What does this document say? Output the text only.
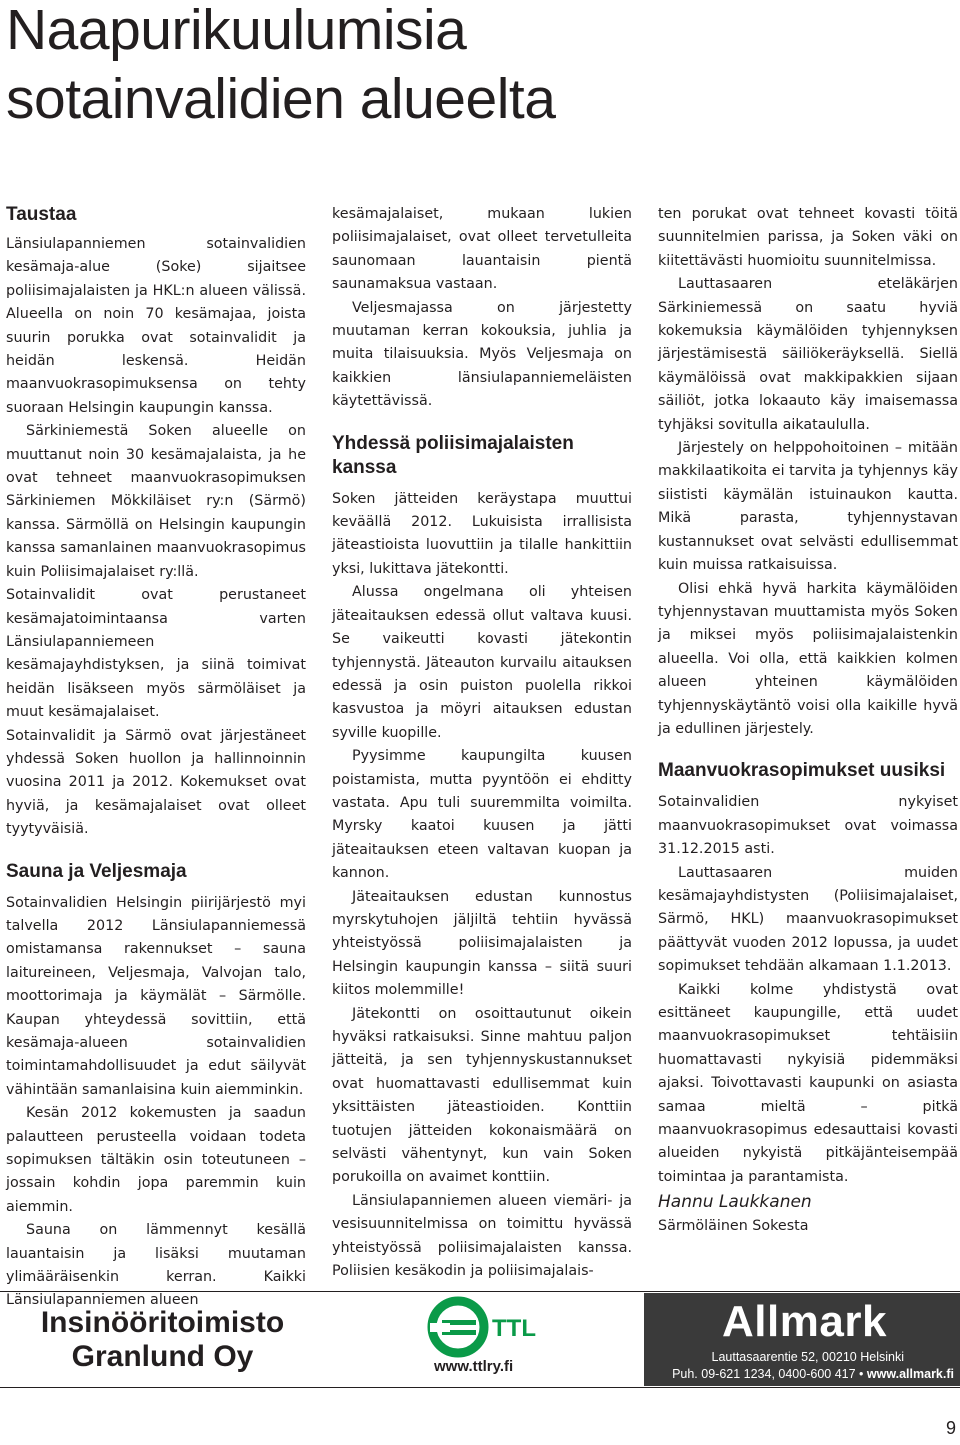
Naapurikuulumisia
sotainvalidien alueelta
Taustaa

Länsiulapanniemen sotainvalidien kesämaja-alue (Soke) sijaitsee poliisimajalaisten ja HKL:n alueen välissä. Alueella on noin 70 kesämajaa, joista suurin porukka ovat sotainvalidit ja heidän leskensä. Heidän maanvuokrasopimuksensa on tehty suoraan Helsingin kaupungin kanssa.

Särkiniemestä Soken alueelle on muuttanut noin 30 kesämajalaista, ja he ovat tehneet maanvuokrasopimuksen Särkiniemen Mökkiläiset ry:n (Särmö) kanssa. Särmöllä on Helsingin kaupungin kanssa samanlainen maanvuokrasopimus kuin Poliisimajalaiset ry:llä.

Sotainvalidit ovat perustaneet kesämajatoimintaansa varten Länsiulapanniemeen kesämajayhdistyksen, ja siinä toimivat heidän lisäkseen myös särmöläiset ja muut kesämajalaiset.

Sotainvalidit ja Särmö ovat järjestäneet yhdessä Soken huollon ja hallinnoinnin vuosina 2011 ja 2012. Kokemukset ovat hyviä, ja kesämajalaiset ovat olleet tyytyväisiä.

Sauna ja Veljesmaja

Sotainvalidien Helsingin piirijärjestö myi talvella 2012 Länsiulapanniemessä omistamansa rakennukset – sauna laitureineen, Veljesmaja, Valvojan talo, moottorimaja ja käymälät – Särmölle. Kaupan yhteydessä sovittiin, että kesämaja-alueen sotainvalidien toimintamahdollisuudet ja edut säilyvät vähintään samanlaisina kuin aiemminkin.

Kesän 2012 kokemusten ja saadun palautteen perusteella voidaan todeta sopimuksen tältäkin osin toteutuneen – jossain kohdin jopa paremmin kuin aiemmin.

Sauna on lämmennyt kesällä lauantaisin ja lisäksi muutaman ylimääräisenkin kerran. Kaikki Länsiulapanniemen alueen

kesämajalaiset, mukaan lukien poliisimajalaiset, ovat olleet tervetulleita saunomaan lauantaisin pientä saunamaksua vastaan.

Veljesmajassa on järjestetty muutaman kerran kokouksia, juhlia ja muita tilaisuuksia. Myös Veljesmaja on kaikkien länsiulapanniemeläisten käytettävissä.

Yhdessä poliisimajalaisten kanssa

Soken jätteiden keräystapa muuttui keväällä 2012. Lukuisista irrallisista jäteastioista luovuttiin ja tilalle hankittiin yksi, lukittava jätekontti.

Alussa ongelmana oli yhteisen jäteaitauksen edessä ollut valtava kuusi. Se vaikeutti kovasti jätekontin tyhjennystä. Jäteauton kurvailu aitauksen edessä ja osin puiston puolella rikkoi kasvustoa ja möyri aitauksen edustan syville kuopille.

Pyysimme kaupungilta kuusen poistamista, mutta pyyntöön ei ehditty vastata. Apu tuli suuremmilta voimilta. Myrsky kaatoi kuusen ja jätti jäteaitauksen eteen valtavan kuopan ja kannon.

Jäteaitauksen edustan kunnostus myrskytuhojen jäljiltä tehtiin hyvässä yhteistyössä poliisimajalaisten ja Helsingin kaupungin kanssa – siitä suuri kiitos molemmille!

Jätekontti on osoittautunut oikein hyväksi ratkaisuksi. Sinne mahtuu paljon jätteitä, ja sen tyhjennyskustannukset ovat huomattavasti edullisemmat kuin yksittäisten jäteastioiden. Konttiin tuotujen jätteiden kokonaismäärä on selvästi vähentynyt, kun vain Soken porukoilla on avaimet konttiin.

Länsiulapanniemen alueen viemäri- ja vesisuunnitelmissa on toimittu hyvässä yhteistyössä poliisimajalaisten kanssa. Poliisien kesäkodin ja poliisimajalais-

ten porukat ovat tehneet kovasti töitä suunnitelmien parissa, ja Soken väki on kiitettävästi huomioitu suunnitelmissa.

Lauttasaaren eteläkärjen Särkiniemessä on saatu hyviä kokemuksia käymälöiden tyhjennyksen järjestämisestä säiliökeräyksellä. Siellä käymälöissä ovat makkipakkien sijaan säiliöt, jotka lokaauto käy imaisemassa tyhjäksi sovitulla aikataululla.

Järjestely on helppohoitoinen – mitään makkilaatikoita ei tarvita ja tyhjennys käy siististi käymälän istuinaukon kautta. Mikä parasta, tyhjennystavan kustannukset ovat selvästi edullisemmat kuin muissa ratkaisuissa.

Olisi ehkä hyvä harkita käymälöiden tyhjennystavan muuttamista myös Soken ja miksei myös poliisimajalaistenkin alueella. Voi olla, että kaikkien kolmen alueen yhteinen käymälöiden tyhjennyskäytäntö voisi olla kaikille hyvä ja edullinen järjestely.

Maanvuokrasopimukset uusiksi

Sotainvalidien nykyiset maanvuokrasopimukset ovat voimassa 31.12.2015 asti.

Lauttasaaren muiden kesämajayhdistysten (Poliisimajalaiset, Särmö, HKL) maanvuokrasopimukset päättyvät vuoden 2012 lopussa, ja uudet sopimukset tehdään alkamaan 1.1.2013.

Kaikki kolme yhdistystä ovat esittäneet kaupungille, että uudet maanvuokrasopimukset tehtäisiin huomattavasti nykyisiä pidemmäksi ajaksi. Toivottavasti kaupunki on asiasta samaa mieltä – pitkä maanvuokrasopimus edesauttaisi kovasti alueiden nykyistä pitkäjänteisempää toimintaa ja parantamista.

Hannu Laukkanen

Särmöläinen Sokesta

Insinööritoimisto
Granlund Oy
TTL
www.ttlry.fi
Allmark
Lauttasaarentie 52, 00210 Helsinki
Puh. 09-621 1234, 0400-600 417 • www.allmark.fi
9
